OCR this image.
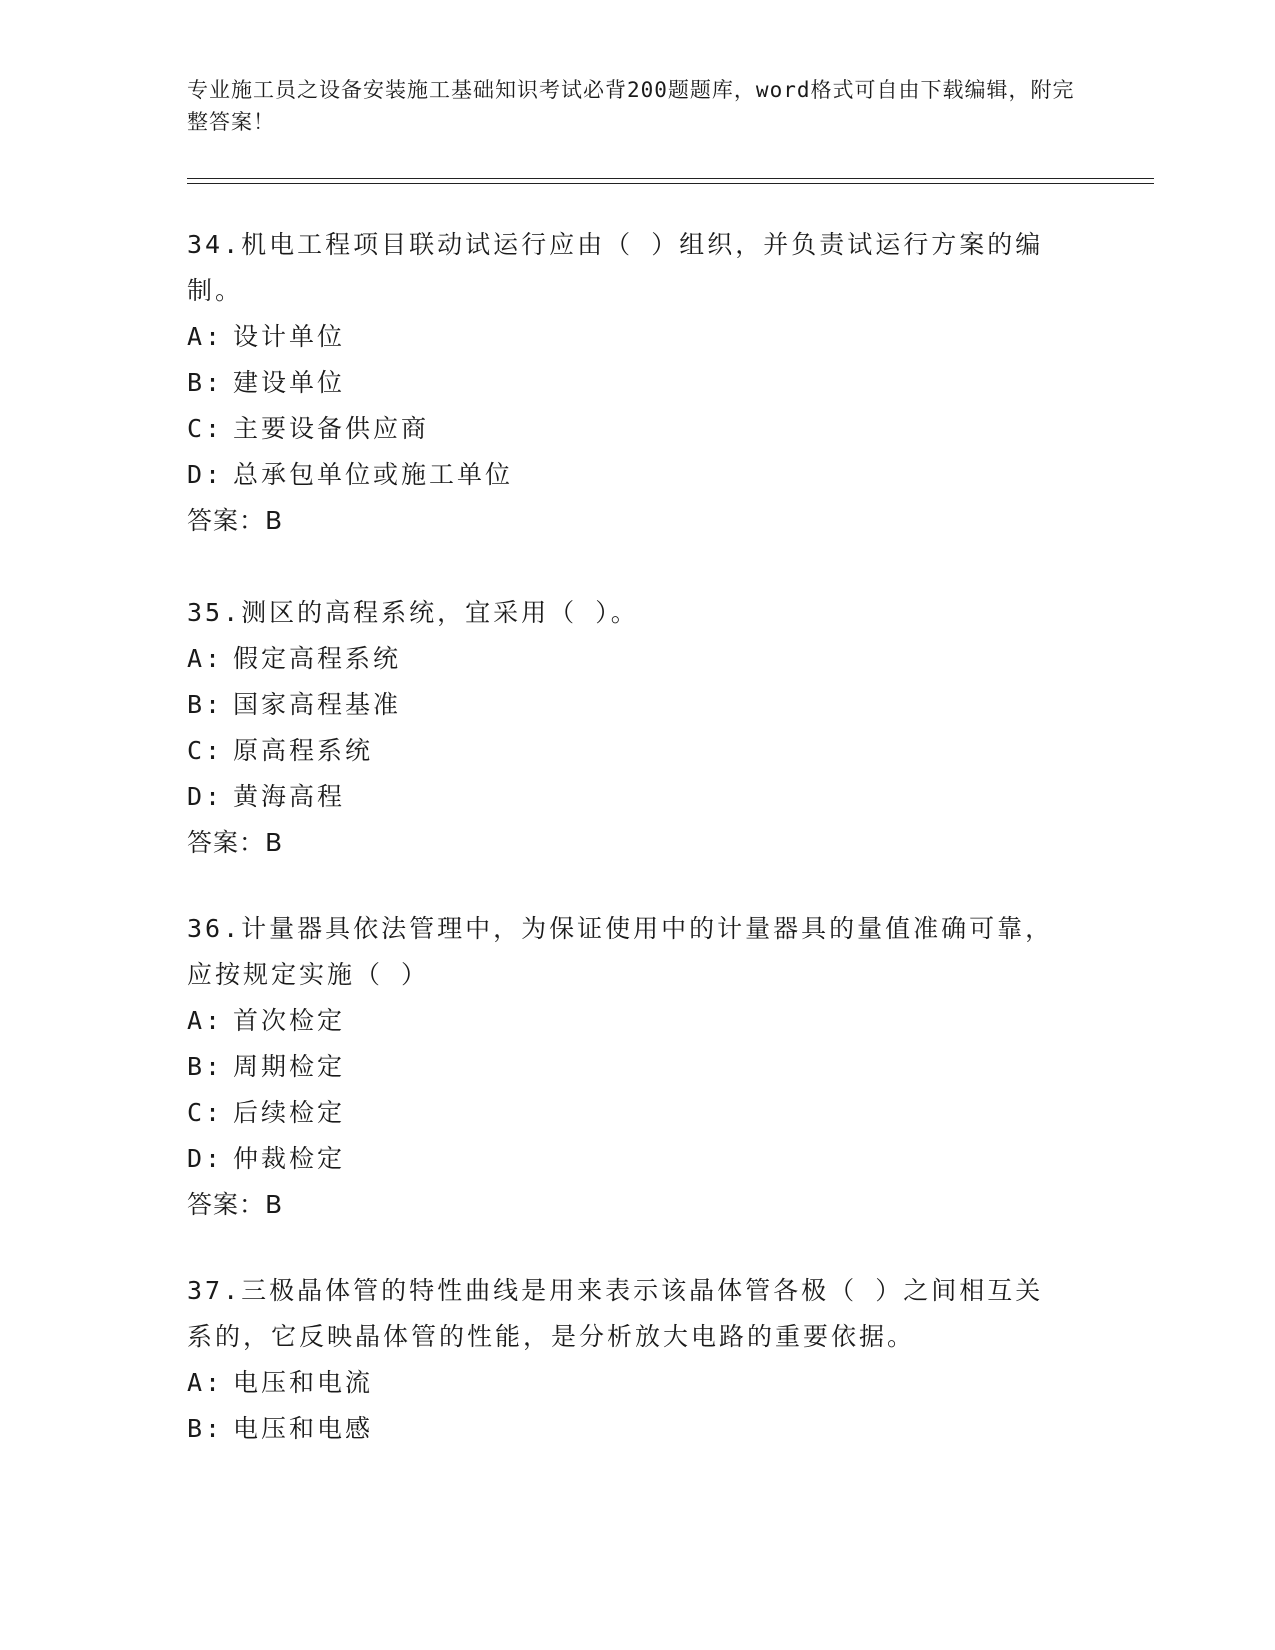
专业施工员之设备安装施工基础知识考试必背200题题库，word格式可自由下载编辑，附完整答案！

34.机电工程项目联动试运行应由（ ）组织，并负责试运行方案的编制。

A: 设计单位

B: 建设单位

C: 主要设备供应商

D: 总承包单位或施工单位

答案：B

35.测区的高程系统，宜采用（ ）。

A: 假定高程系统

B: 国家高程基准

C: 原高程系统

D: 黄海高程

答案：B

36.计量器具依法管理中，为保证使用中的计量器具的量值准确可靠，应按规定实施（ ）

A: 首次检定

B: 周期检定

C: 后续检定

D: 仲裁检定

答案：B

37.三极晶体管的特性曲线是用来表示该晶体管各极（ ）之间相互关系的，它反映晶体管的性能，是分析放大电路的重要依据。

A: 电压和电流

B: 电压和电感
